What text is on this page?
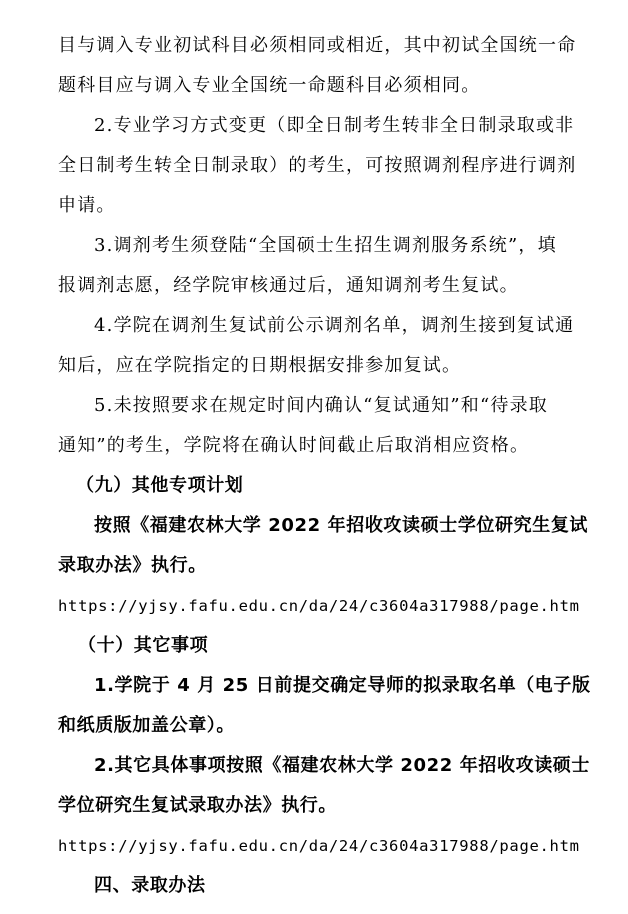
目与调入专业初试科目必须相同或相近，其中初试全国统一命
题科目应与调入专业全国统一命题科目必须相同。
2.专业学习方式变更（即全日制考生转非全日制录取或非
全日制考生转全日制录取）的考生，可按照调剂程序进行调剂
申请。
3.调剂考生须登陆“全国硕士生招生调剂服务系统”，填
报调剂志愿，经学院审核通过后，通知调剂考生复试。
4.学院在调剂生复试前公示调剂名单，调剂生接到复试通
知后，应在学院指定的日期根据安排参加复试。
5.未按照要求在规定时间内确认“复试通知”和“待录取
通知”的考生，学院将在确认时间截止后取消相应资格。
（九）其他专项计划
按照《福建农林大学 2022 年招收攻读硕士学位研究生复试
录取办法》执行。
https://yjsy.fafu.edu.cn/da/24/c3604a317988/page.htm
（十）其它事项
1.学院于 4 月 25 日前提交确定导师的拟录取名单（电子版
和纸质版加盖公章）。
2.其它具体事项按照《福建农林大学 2022 年招收攻读硕士
学位研究生复试录取办法》执行。
https://yjsy.fafu.edu.cn/da/24/c3604a317988/page.htm
四、录取办法
